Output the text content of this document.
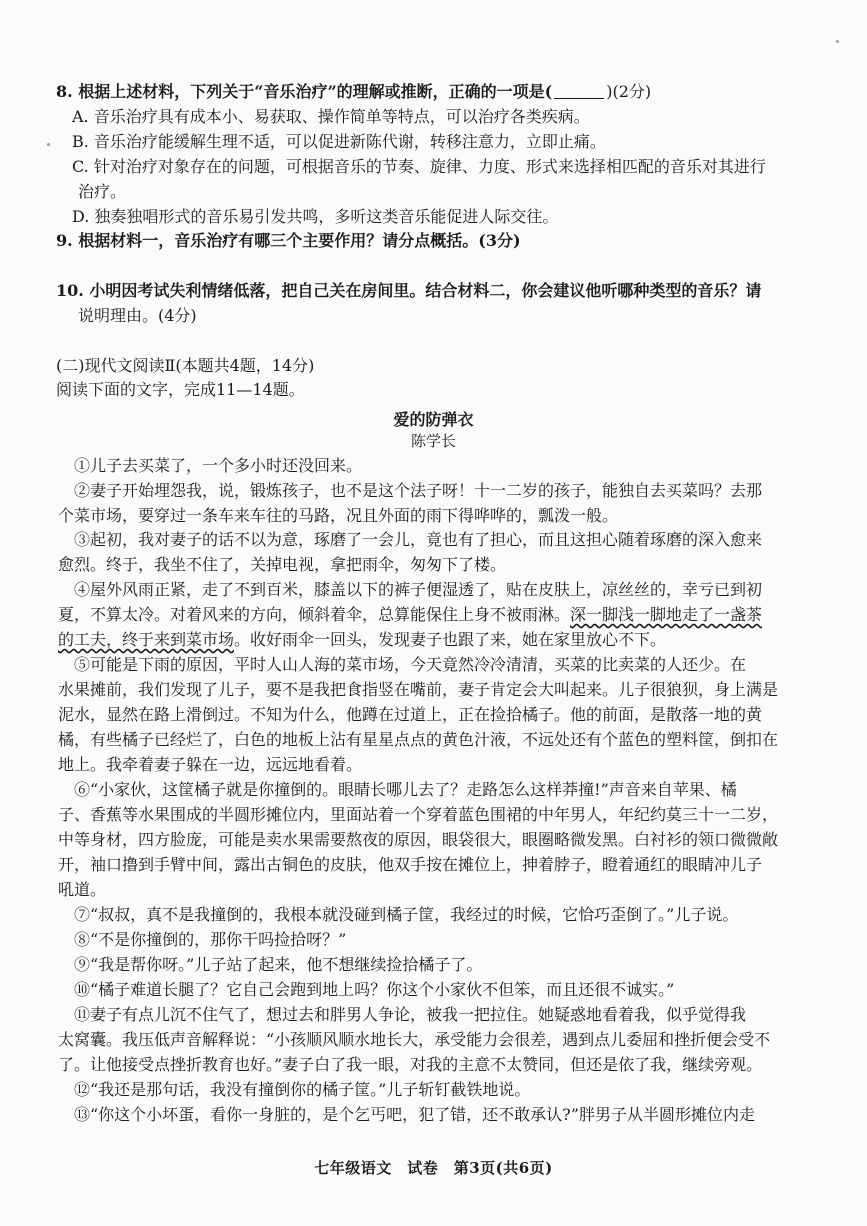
8. 根据上述材料，下列关于“音乐治疗”的理解或推断，正确的一项是(	)(2分)
A. 音乐治疗具有成本小、易获取、操作简单等特点，可以治疗各类疾病。
B. 音乐治疗能缓解生理不适，可以促进新陈代谢，转移注意力，立即止痛。
C. 针对治疗对象存在的问题，可根据音乐的节奏、旋律、力度、形式来选择相匹配的音乐对其进行
治疗。
D. 独奏独唱形式的音乐易引发共鸣，多听这类音乐能促进人际交往。
9. 根据材料一，音乐治疗有哪三个主要作用？请分点概括。(3分)
10. 小明因考试失利情绪低落，把自己关在房间里。结合材料二，你会建议他听哪种类型的音乐？请
说明理由。(4分)
(二)现代文阅读Ⅱ(本题共4题，14分)
阅读下面的文字，完成11—14题。
爱的防弹衣
陈学长
①儿子去买菜了，一个多小时还没回来。
②妻子开始埋怨我，说，锻炼孩子，也不是这个法子呀！十一二岁的孩子，能独自去买菜吗？去那
个菜市场，要穿过一条车来车往的马路，况且外面的雨下得哗哗的，瓢泼一般。
③起初，我对妻子的话不以为意，琢磨了一会儿，竟也有了担心，而且这担心随着琢磨的深入愈来
愈烈。终于，我坐不住了，关掉电视，拿把雨伞，匆匆下了楼。
④屋外风雨正紧，走了不到百米，膝盖以下的裤子便湿透了，贴在皮肤上，凉丝丝的，幸亏已到初
夏，不算太冷。对着风来的方向，倾斜着伞，总算能保住上身不被雨淋。深一脚浅一脚地走了一盏茶
的工夫，终于来到菜市场。收好雨伞一回头，发现妻子也跟了来，她在家里放心不下。
⑤可能是下雨的原因，平时人山人海的菜市场，今天竟然冷冷清清，买菜的比卖菜的人还少。在
水果摊前，我们发现了儿子，要不是我把食指竖在嘴前，妻子肯定会大叫起来。儿子很狼狈，身上满是
泥水，显然在路上滑倒过。不知为什么，他蹲在过道上，正在捡拾橘子。他的前面，是散落一地的黄
橘，有些橘子已经烂了，白色的地板上沾有星星点点的黄色汁液，不远处还有个蓝色的塑料筐，倒扣在
地上。我牵着妻子躲在一边，远远地看着。
⑥“小家伙，这筐橘子就是你撞倒的。眼睛长哪儿去了？走路怎么这样莽撞!”声音来自苹果、橘
子、香蕉等水果围成的半圆形摊位内，里面站着一个穿着蓝色围裙的中年男人，年纪约莫三十一二岁，
中等身材，四方脸庞，可能是卖水果需要熬夜的原因，眼袋很大，眼圈略微发黑。白衬衫的领口微微敞
开，袖口撸到手臂中间，露出古铜色的皮肤，他双手按在摊位上，抻着脖子，瞪着通红的眼睛冲儿子
吼道。
⑦“叔叔，真不是我撞倒的，我根本就没碰到橘子筐，我经过的时候，它恰巧歪倒了。”儿子说。
⑧“不是你撞倒的，那你干吗捡拾呀？”
⑨“我是帮你呀。”儿子站了起来，他不想继续捡拾橘子了。
⑩“橘子难道长腿了？它自己会跑到地上吗？你这个小家伙不但笨，而且还很不诚实。”
⑪妻子有点儿沉不住气了，想过去和胖男人争论，被我一把拉住。她疑惑地看着我，似乎觉得我
太窝囊。我压低声音解释说：“小孩顺风顺水地长大，承受能力会很差，遇到点儿委屈和挫折便会受不
了。让他接受点挫折教育也好。”妻子白了我一眼，对我的主意不太赞同，但还是依了我，继续旁观。
⑫“我还是那句话，我没有撞倒你的橘子筐。”儿子斩钉截铁地说。
⑬“你这个小坏蛋，看你一身脏的，是个乞丐吧，犯了错，还不敢承认?”胖男子从半圆形摊位内走
七年级语文　试卷　第3页(共6页)
